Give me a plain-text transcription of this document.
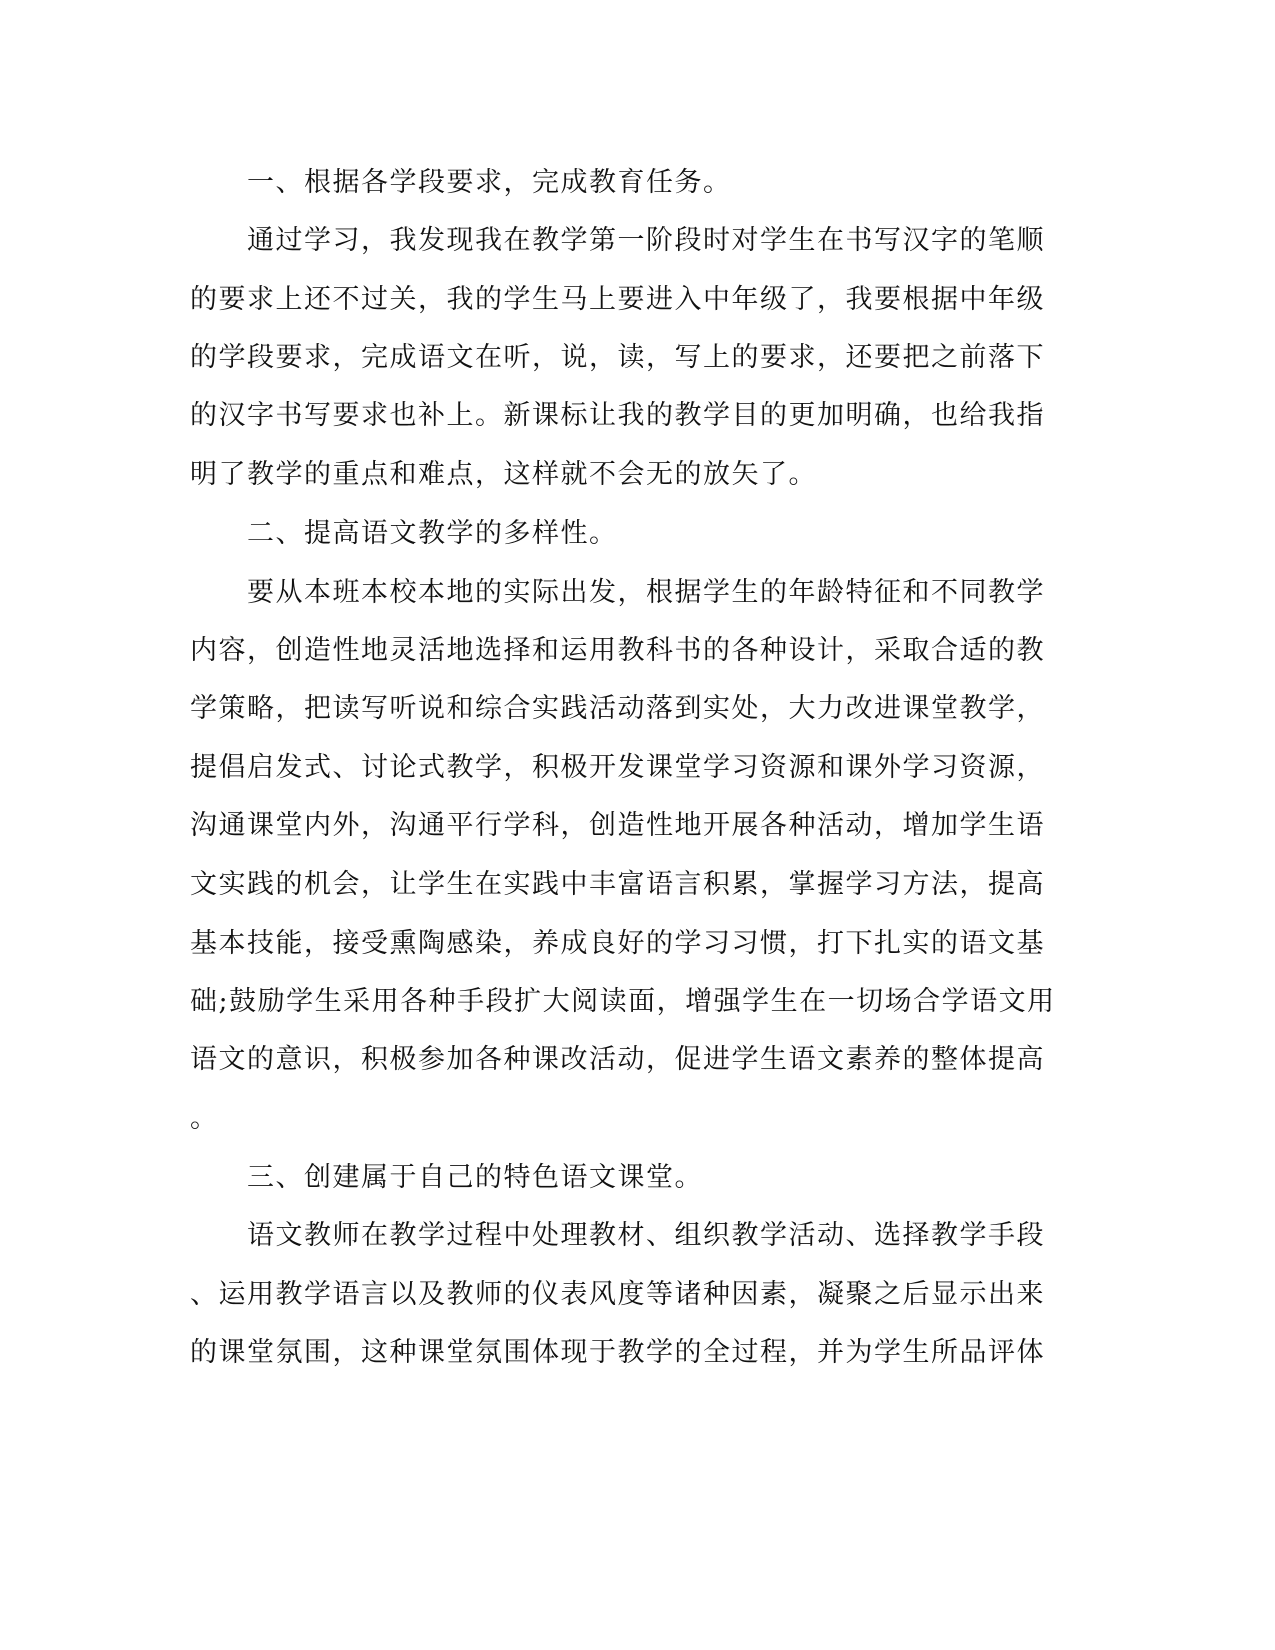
　　一、根据各学段要求，完成教育任务。
　　通过学习，我发现我在教学第一阶段时对学生在书写汉字的笔顺
的要求上还不过关，我的学生马上要进入中年级了，我要根据中年级
的学段要求，完成语文在听，说，读，写上的要求，还要把之前落下
的汉字书写要求也补上。新课标让我的教学目的更加明确，也给我指
明了教学的重点和难点，这样就不会无的放矢了。
　　二、提高语文教学的多样性。
　　要从本班本校本地的实际出发，根据学生的年龄特征和不同教学
内容，创造性地灵活地选择和运用教科书的各种设计，采取合适的教
学策略，把读写听说和综合实践活动落到实处，大力改进课堂教学，
提倡启发式、讨论式教学，积极开发课堂学习资源和课外学习资源，
沟通课堂内外，沟通平行学科，创造性地开展各种活动，增加学生语
文实践的机会，让学生在实践中丰富语言积累，掌握学习方法，提高
基本技能，接受熏陶感染，养成良好的学习习惯，打下扎实的语文基
础;鼓励学生采用各种手段扩大阅读面，增强学生在一切场合学语文用
语文的意识，积极参加各种课改活动，促进学生语文素养的整体提高
。
　　三、创建属于自己的特色语文课堂。
　　语文教师在教学过程中处理教材、组织教学活动、选择教学手段
、运用教学语言以及教师的仪表风度等诸种因素，凝聚之后显示出来
的课堂氛围，这种课堂氛围体现于教学的全过程，并为学生所品评体
